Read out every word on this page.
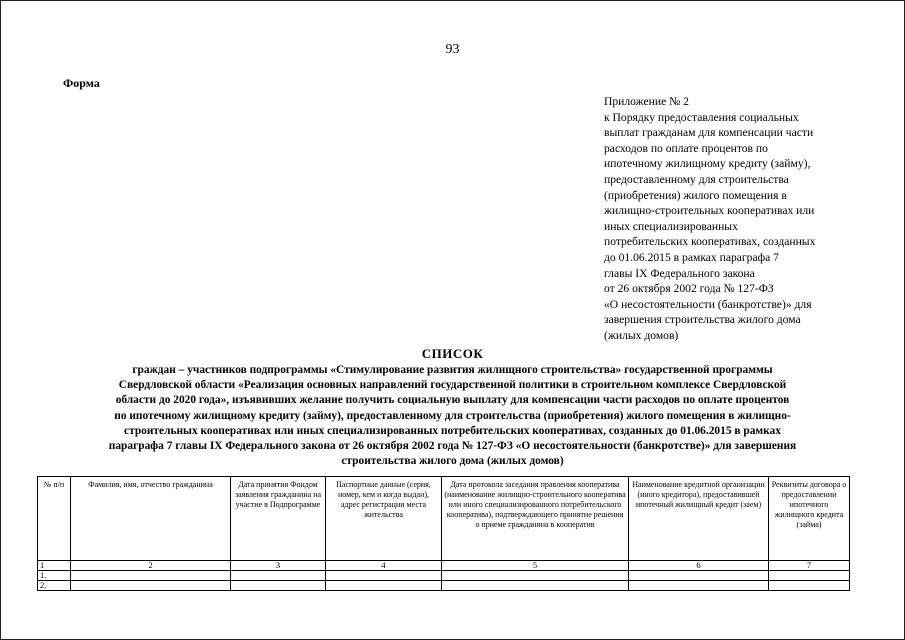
93
Форма
Приложение № 2
к Порядку предоставления социальных
выплат гражданам для компенсации части
расходов по оплате процентов по
ипотечному жилищному кредиту (займу),
предоставленному для строительства
(приобретения) жилого помещения в
жилищно-строительных кооперативах или
иных специализированных
потребительских кооперативах, созданных
до 01.06.2015 в рамках параграфа 7
главы IX Федерального закона
от 26 октября 2002 года № 127-ФЗ
«О несостоятельности (банкротстве)» для
завершения строительства жилого дома
(жилых домов)
СПИСОК
граждан – участников подпрограммы «Стимулирование развития жилищного строительства» государственной программы
Свердловской области «Реализация основных направлений государственной политики в строительном комплексе Свердловской
области до 2020 года», изъявивших желание получить социальную выплату для компенсации части расходов по оплате процентов
по ипотечному жилищному кредиту (займу), предоставленному для строительства (приобретения) жилого помещения в жилищно-
строительных кооперативах или иных специализированных потребительских кооперативах, созданных до 01.06.2015 в рамках
параграфа 7 главы IX Федерального закона от 26 октября 2002 года № 127-ФЗ «О несостоятельности (банкротстве)» для завершения
строительства жилого дома (жилых домов)
№ п/п	Фамилия, имя, отчество гражданина	Дата принятия Фондом заявления гражданина на участие в Подпрограмме	Паспортные данные (серия, номер, кем и когда выдан), адрес регистрации места жительства	Дата протокола заседания правления кооператива (наименование жилищно-строительного кооператива или иного специализированного потребительского кооператива), подтверждающего принятие решения о приеме гражданина в кооператив	Наименование кредитной организации (иного кредитора), предоставившей ипотечный жилищный кредит (заем)	Реквизиты договора о предоставлении ипотечного жилищного кредита (займа)
1	2	3	4	5	6	7
1.						
2.						
